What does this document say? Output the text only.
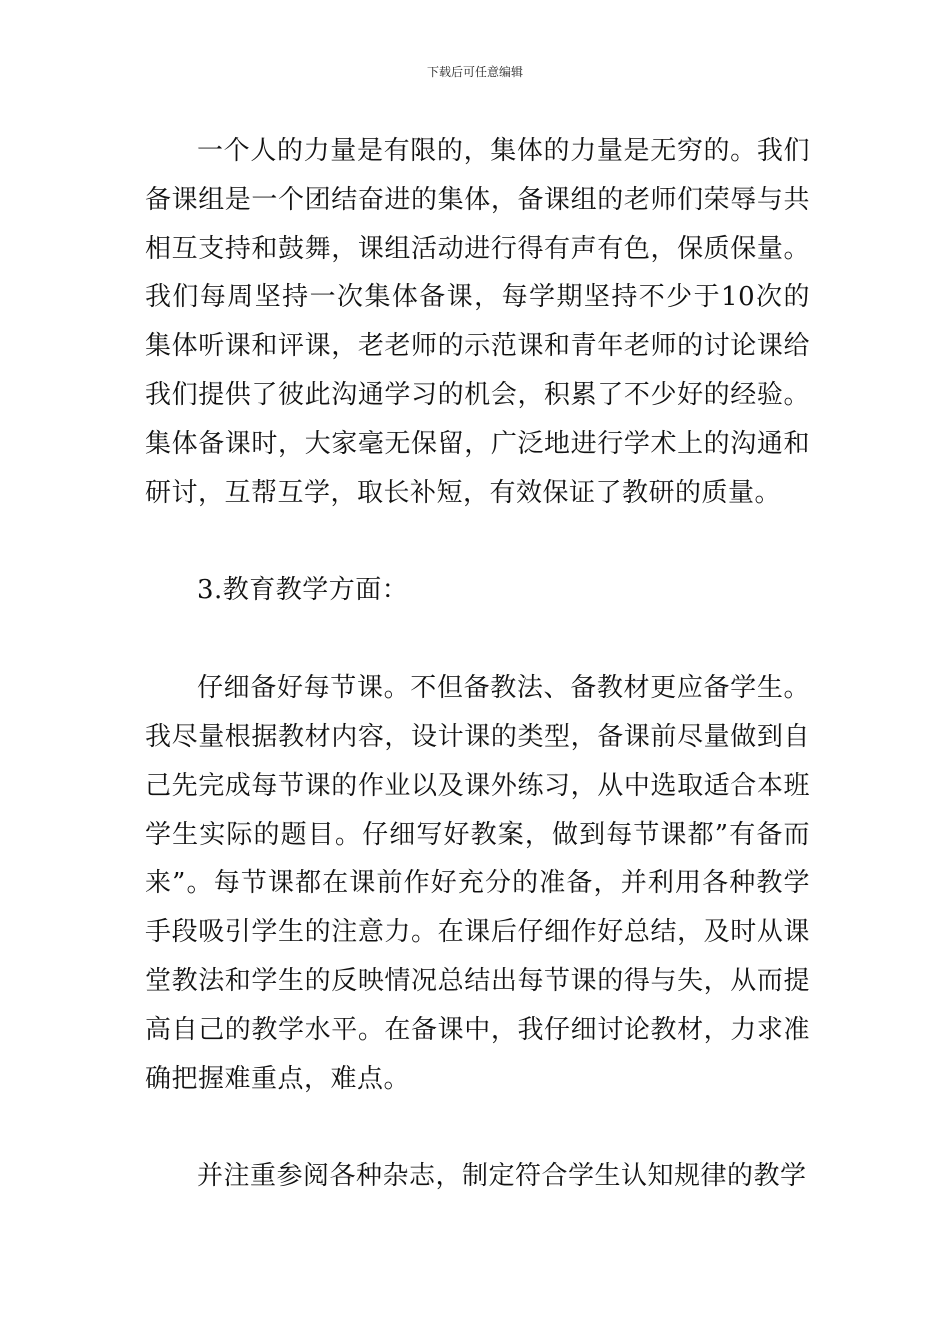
下载后可任意编辑

一个人的力量是有限的，集体的力量是无穷的。我们备课组是一个团结奋进的集体，备课组的老师们荣辱与共相互支持和鼓舞，课组活动进行得有声有色，保质保量。我们每周坚持一次集体备课，每学期坚持不少于10次的集体听课和评课，老老师的示范课和青年老师的讨论课给我们提供了彼此沟通学习的机会，积累了不少好的经验。集体备课时，大家毫无保留，广泛地进行学术上的沟通和研讨，互帮互学，取长补短，有效保证了教研的质量。

3.教育教学方面：

仔细备好每节课。不但备教法、备教材更应备学生。我尽量根据教材内容，设计课的类型，备课前尽量做到自己先完成每节课的作业以及课外练习，从中选取适合本班学生实际的题目。仔细写好教案，做到每节课都”有备而来”。每节课都在课前作好充分的准备，并利用各种教学手段吸引学生的注意力。在课后仔细作好总结，及时从课堂教法和学生的反映情况总结出每节课的得与失，从而提高自己的教学水平。在备课中，我仔细讨论教材，力求准确把握难重点，难点。

并注重参阅各种杂志，制定符合学生认知规律的教学
